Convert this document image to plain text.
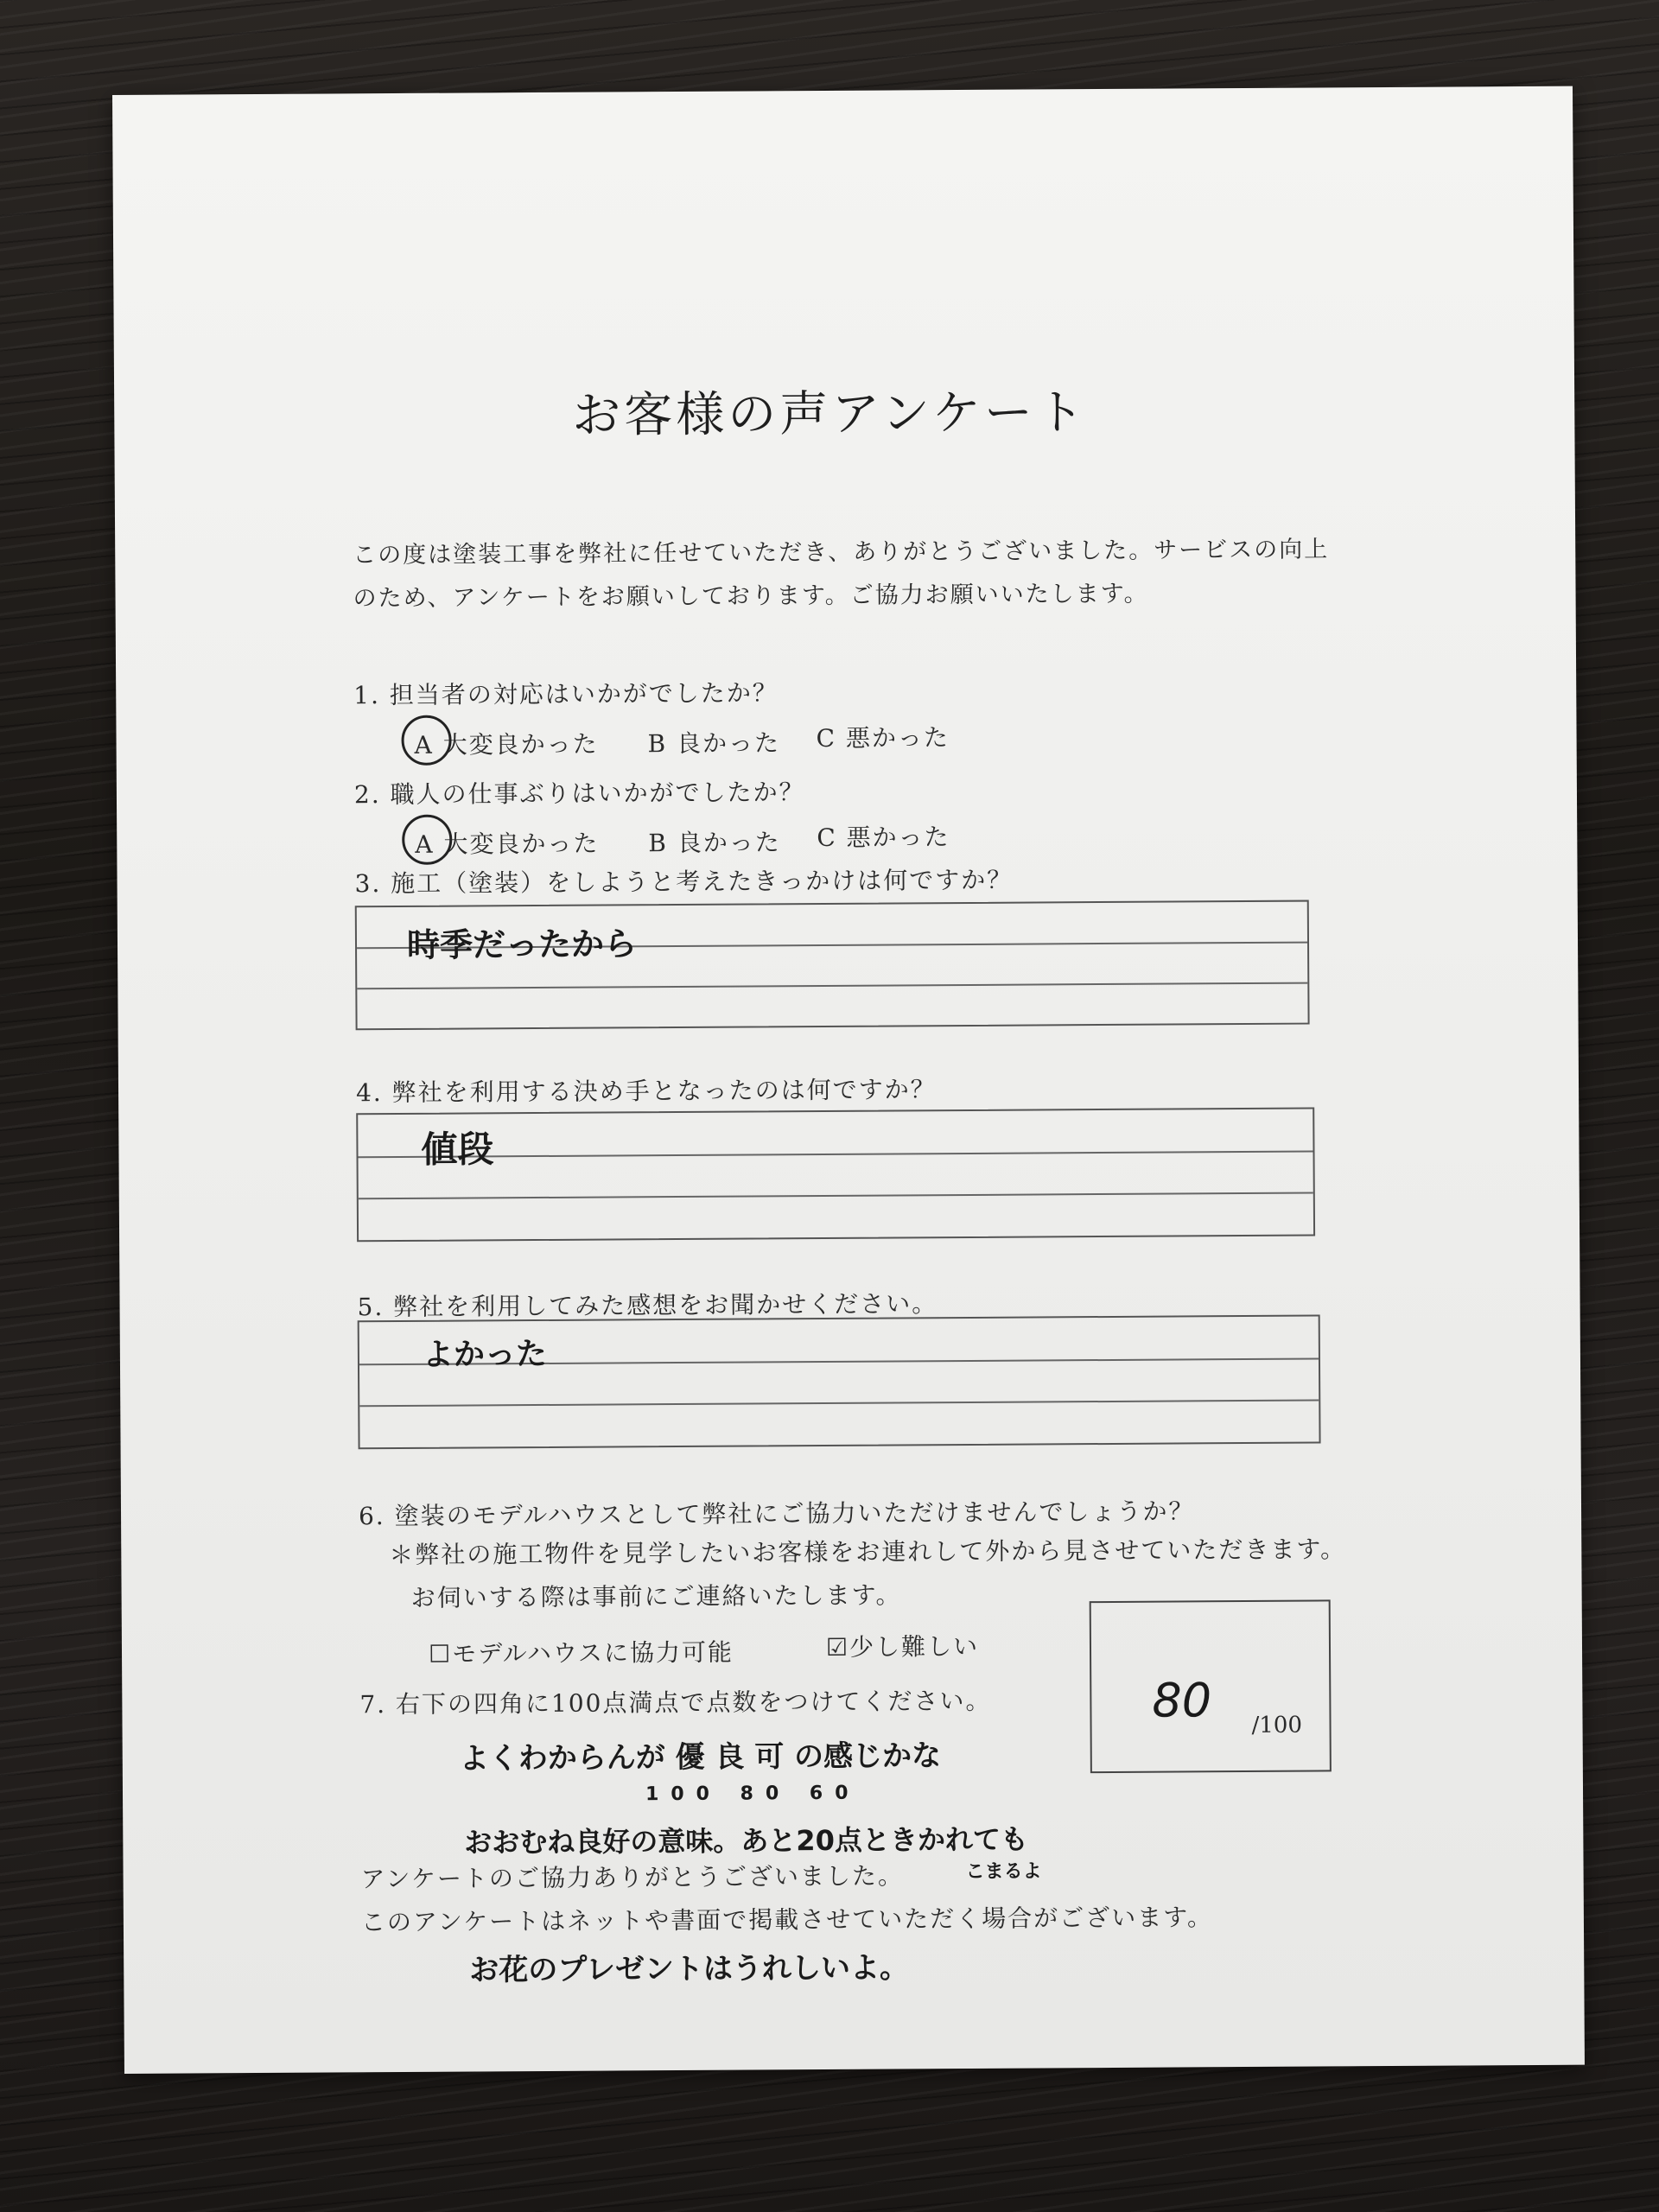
お客様の声アンケート
この度は塗装工事を弊社に任せていただき、ありがとうございました。サービスの向上
のため、アンケートをお願いしております。ご協力お願いいたします。
1. 担当者の対応はいかがでしたか？
A 大変良かった B 良かった C 悪かった
2. 職人の仕事ぶりはいかがでしたか？
A 大変良かった B 良かった C 悪かった
3. 施工（塗装）をしようと考えたきっかけは何ですか？
時季だったから
4. 弊社を利用する決め手となったのは何ですか？
値段
5. 弊社を利用してみた感想をお聞かせください。
よかった
6. 塗装のモデルハウスとして弊社にご協力いただけませんでしょうか？
＊弊社の施工物件を見学したいお客様をお連れして外から見させていただきます。
お伺いする際は事前にご連絡いたします。
☐モデルハウスに協力可能	☑少し難しい
7. 右下の四角に100点満点で点数をつけてください。
よくわからんが 優 良 可 の感じかな
100 80 60
おおむね良好の意味。あと20点ときかれても
こまるよ
80 /100
アンケートのご協力ありがとうございました。
このアンケートはネットや書面で掲載させていただく場合がございます。
お花のプレゼントはうれしいよ。
